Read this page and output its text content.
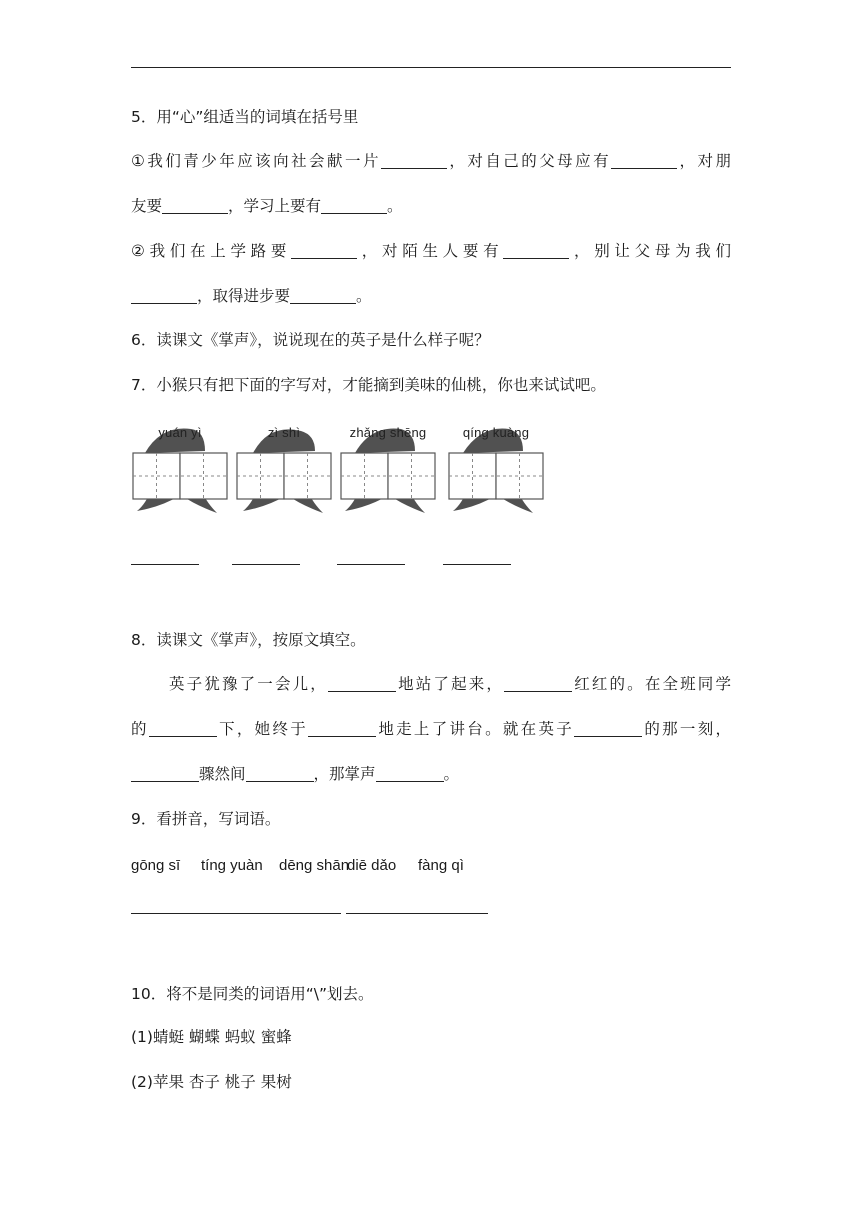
5．用“心”组适当的词填在括号里
①我们青少年应该向社会献一片	，对自己的父母应有	，对朋
友要	，学习上要有	。
②我们在上学路要	，对陌生人要有	，别让父母为我们
，取得进步要	。
6．读课文《掌声》，说说现在的英子是什么样子呢？
7．小猴只有把下面的字写对，才能摘到美味的仙桃，你也来试试吧。
yuán yì	zì shì	zhǎng shēng	qíng kuàng
8．读课文《掌声》，按原文填空。
英子犹豫了一会儿，	地站了起来，	红红的。在全班同学
的	下，她终于	地走上了讲台。就在英子	的那一刻，
骤然间	，那掌声	。
9．看拼音，写词语。
gōng sī tíng yuàn dēng shān
diē dǎo fàng qì
10．将不是同类的词语用“\”划去。
(1)蜻蜓 蝴蝶 蚂蚁 蜜蜂
(2)苹果 杏子 桃子 果树
